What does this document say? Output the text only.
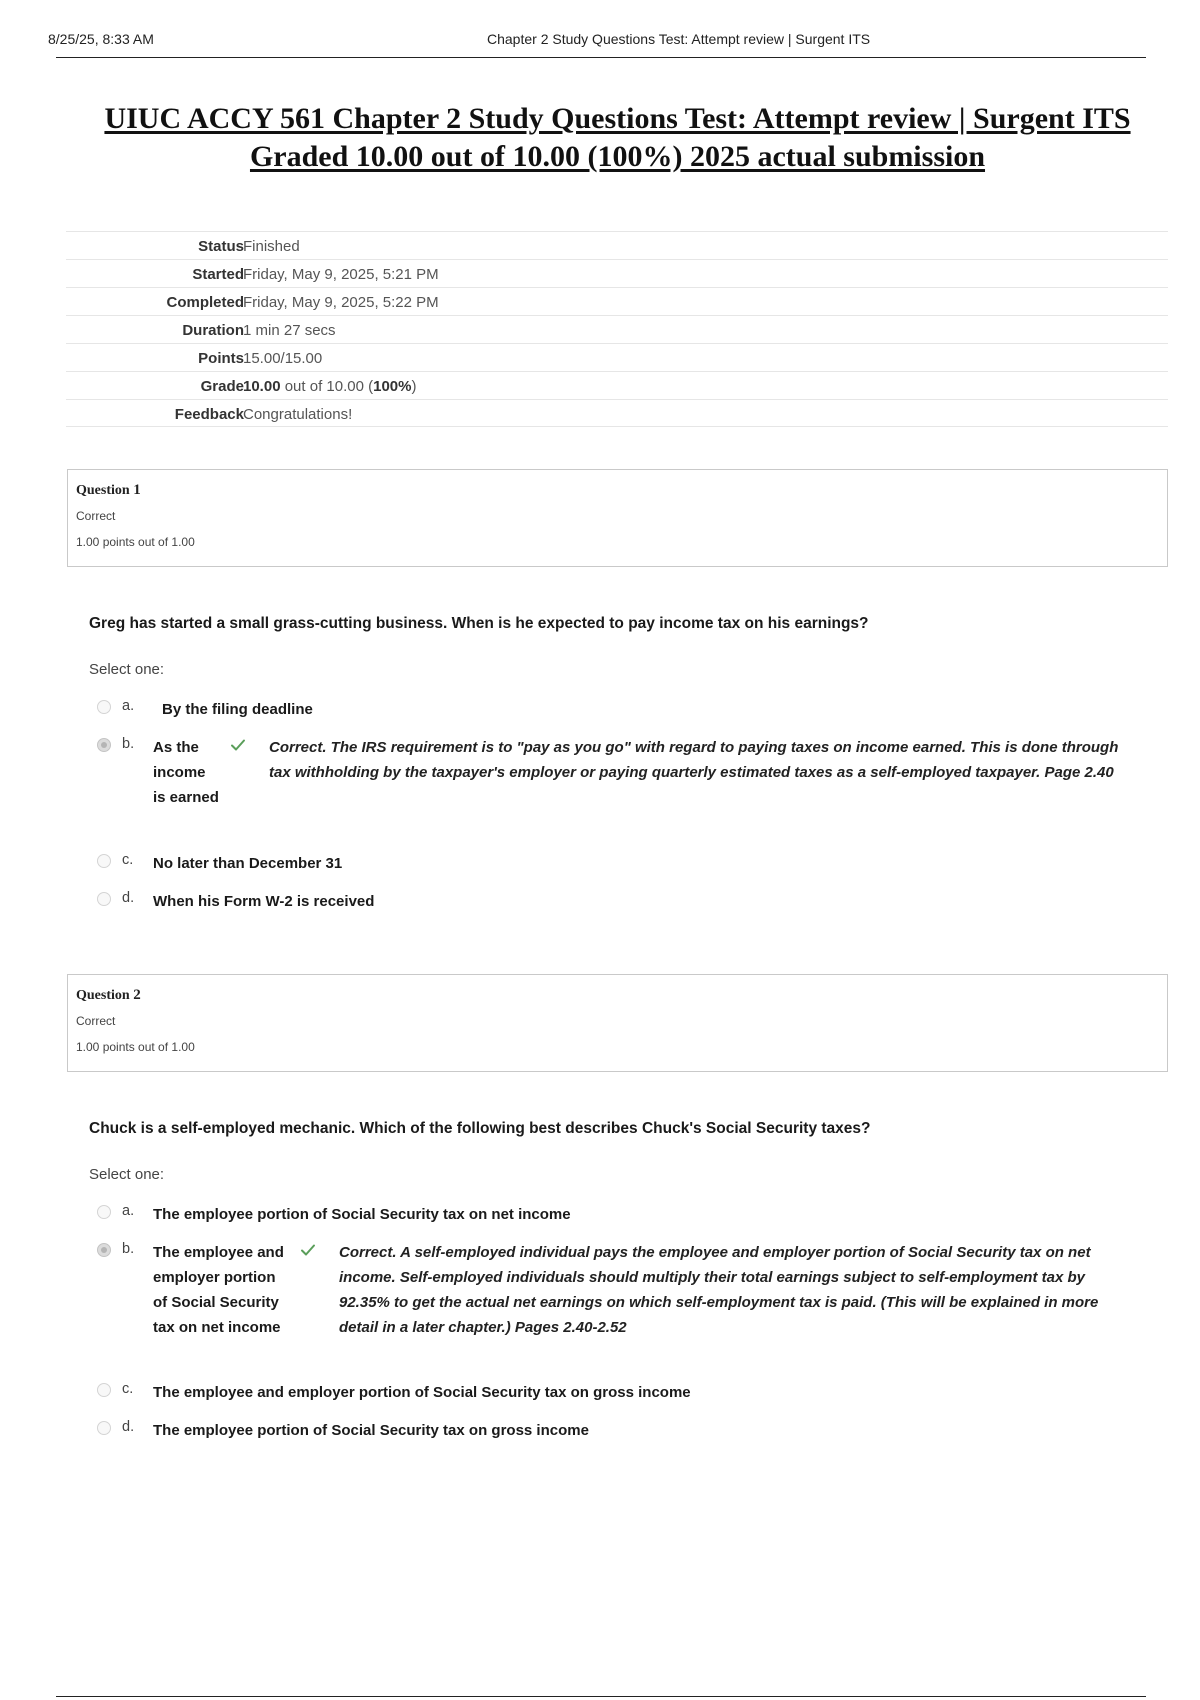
8/25/25, 8:33 AM	Chapter 2 Study Questions Test: Attempt review | Surgent ITS
UIUC ACCY 561 Chapter 2 Study Questions Test: Attempt review | Surgent ITS
Graded 10.00 out of 10.00 (100%) 2025 actual submission
Status Finished
Started Friday, May 9, 2025, 5:21 PM
Completed Friday, May 9, 2025, 5:22 PM
Duration 1 min 27 secs
Points 15.00/15.00
Grade 10.00 out of 10.00 (100%)
Feedback Congratulations!
Question 1
Correct
1.00 points out of 1.00
Greg has started a small grass-cutting business. When is he expected to pay income tax on his earnings?
Select one:
a. By the filing deadline
b. As the income is earned
Correct. The IRS requirement is to "pay as you go" with regard to paying taxes on income earned. This is done through tax withholding by the taxpayer's employer or paying quarterly estimated taxes as a self-employed taxpayer. Page 2.40
c. No later than December 31
d. When his Form W-2 is received
Question 2
Correct
1.00 points out of 1.00
Chuck is a self-employed mechanic. Which of the following best describes Chuck's Social Security taxes?
Select one:
a. The employee portion of Social Security tax on net income
b. The employee and employer portion of Social Security tax on net income
Correct. A self-employed individual pays the employee and employer portion of Social Security tax on net income. Self-employed individuals should multiply their total earnings subject to self-employment tax by 92.35% to get the actual net earnings on which self-employment tax is paid. (This will be explained in more detail in a later chapter.) Pages 2.40-2.52
c. The employee and employer portion of Social Security tax on gross income
d. The employee portion of Social Security tax on gross income
